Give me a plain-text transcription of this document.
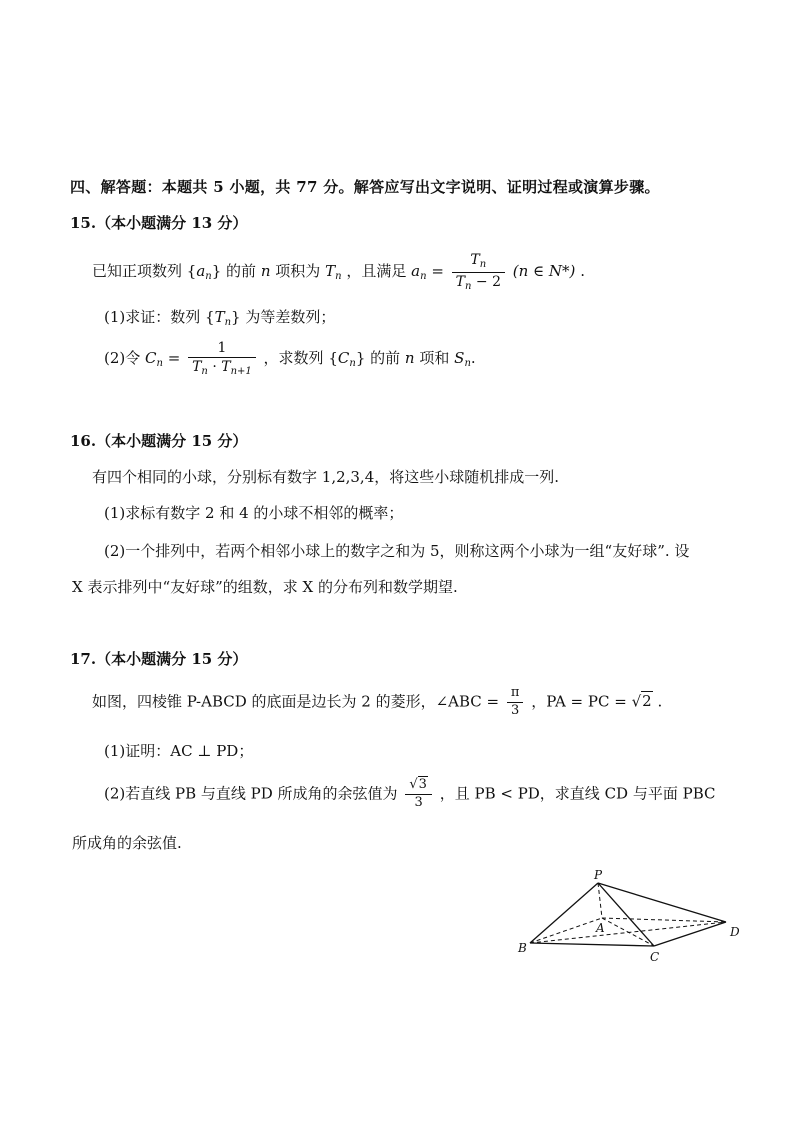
四、解答题：本题共 5 小题，共 77 分。解答应写出文字说明、证明过程或演算步骤。
15.（本小题满分 13 分）
已知正项数列 $\{a_n\}$ 的前 n 项积为 $T_n$ ，且满足 $a_n = \frac{T_n}{T_n - 2} (n$ ∈ N*) .
(1)求证：数列 $\{T_n\}$ 为等差数列；
(2)令 $C_n = \frac{1}{T_n \cdot T_{n+1}}$ ，求数列 $\{C_n\}$ 的前 n 项和 $S_n$.
16.（本小题满分 15 分）
有四个相同的小球，分别标有数字 1,2,3,4，将这些小球随机排成一列.
(1)求标有数字 2 和 4 的小球不相邻的概率；
(2)一个排列中，若两个相邻小球上的数字之和为 5，则称这两个小球为一组“友好球”. 设
X 表示排列中“友好球”的组数，求 X 的分布列和数学期望.
17.（本小题满分 15 分）
如图，四棱锥 P-ABCD 的底面是边长为 2 的菱形，∠ABC = $\frac{\pi}{3}$ ，PA = PC = √2 .
(1)证明：AC ⊥ PD；
(2)若直线 PB 与直线 PD 所成角的余弦值为 $\frac{√3}{3}$ ，且 PB < PD，求直线 CD 与平面 PBC
所成角的余弦值.
P
A
B
C
D
